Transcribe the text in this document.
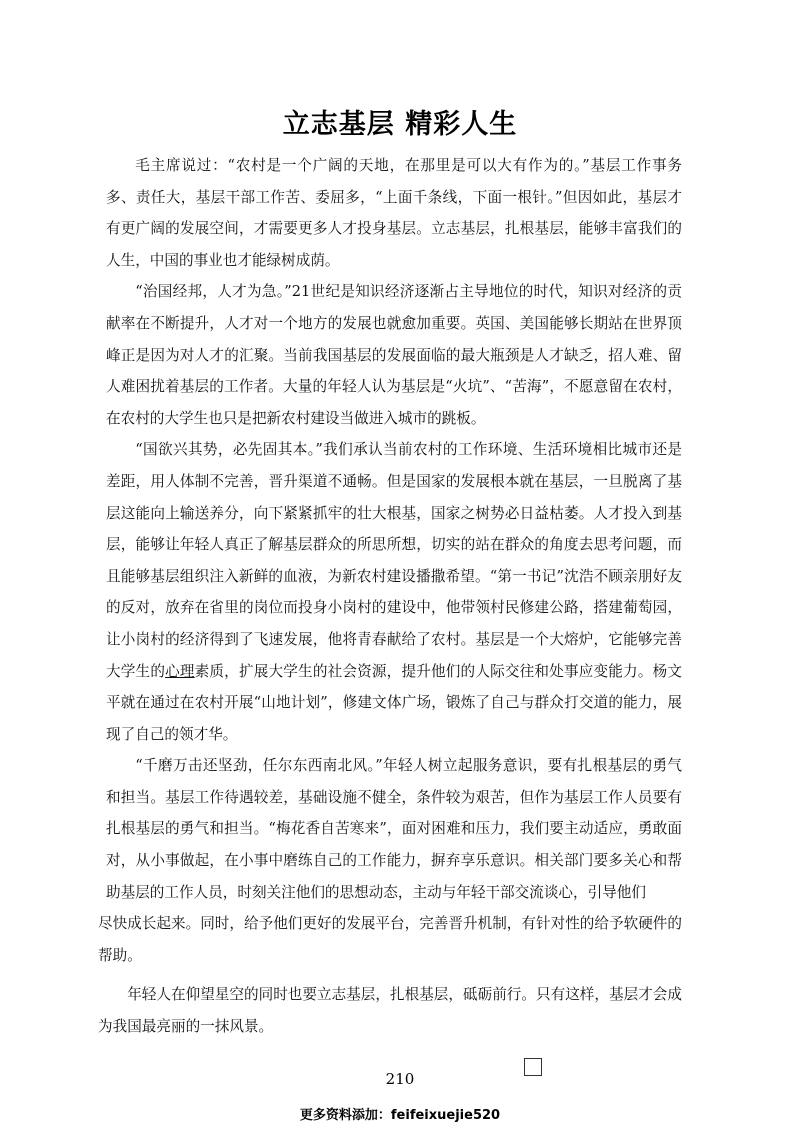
立志基层 精彩人生

毛主席说过：“农村是一个广阔的天地，在那里是可以大有作为的。”基层工作事务多、责任大，基层干部工作苦、委屈多，“上面千条线，下面一根针。”但因如此，基层才有更广阔的发展空间，才需要更多人才投身基层。立志基层，扎根基层，能够丰富我们的人生，中国的事业也才能绿树成荫。

“治国经邦，人才为急。”21世纪是知识经济逐渐占主导地位的时代，知识对经济的贡献率在不断提升，人才对一个地方的发展也就愈加重要。英国、美国能够长期站在世界顶峰正是因为对人才的汇聚。当前我国基层的发展面临的最大瓶颈是人才缺乏，招人难、留人难困扰着基层的工作者。大量的年轻人认为基层是“火坑”、“苦海”，不愿意留在农村，在农村的大学生也只是把新农村建设当做进入城市的跳板。

“国欲兴其势，必先固其本。”我们承认当前农村的工作环境、生活环境相比城市还是差距，用人体制不完善，晋升渠道不通畅。但是国家的发展根本就在基层，一旦脱离了基层这能向上输送养分，向下紧紧抓牢的壮大根基，国家之树势必日益枯萎。人才投入到基层，能够让年轻人真正了解基层群众的所思所想，切实的站在群众的角度去思考问题，而且能够基层组织注入新鲜的血液，为新农村建设播撒希望。“第一书记”沈浩不顾亲朋好友的反对，放弃在省里的岗位而投身小岗村的建设中，他带领村民修建公路，搭建葡萄园，让小岗村的经济得到了飞速发展，他将青春献给了农村。基层是一个大熔炉，它能够完善大学生的心理素质，扩展大学生的社会资源，提升他们的人际交往和处事应变能力。杨文平就在通过在农村开展“山地计划”，修建文体广场，锻炼了自己与群众打交道的能力，展现了自己的领才华。

“千磨万击还坚劲，任尔东西南北风。”年轻人树立起服务意识，要有扎根基层的勇气和担当。基层工作待遇较差，基础设施不健全，条件较为艰苦，但作为基层工作人员要有扎根基层的勇气和担当。“梅花香自苦寒来”，面对困难和压力，我们要主动适应，勇敢面对，从小事做起，在小事中磨练自己的工作能力，摒弃享乐意识。相关部门要多关心和帮助基层的工作人员，时刻关注他们的思想动态，主动与年轻干部交流谈心，引导他们

尽快成长起来。同时，给予他们更好的发展平台，完善晋升机制，有针对性的给予软硬件的帮助。

年轻人在仰望星空的同时也要立志基层，扎根基层，砥砺前行。只有这样，基层才会成为我国最亮丽的一抹风景。

210
更多资料添加：feifeixuejie520
